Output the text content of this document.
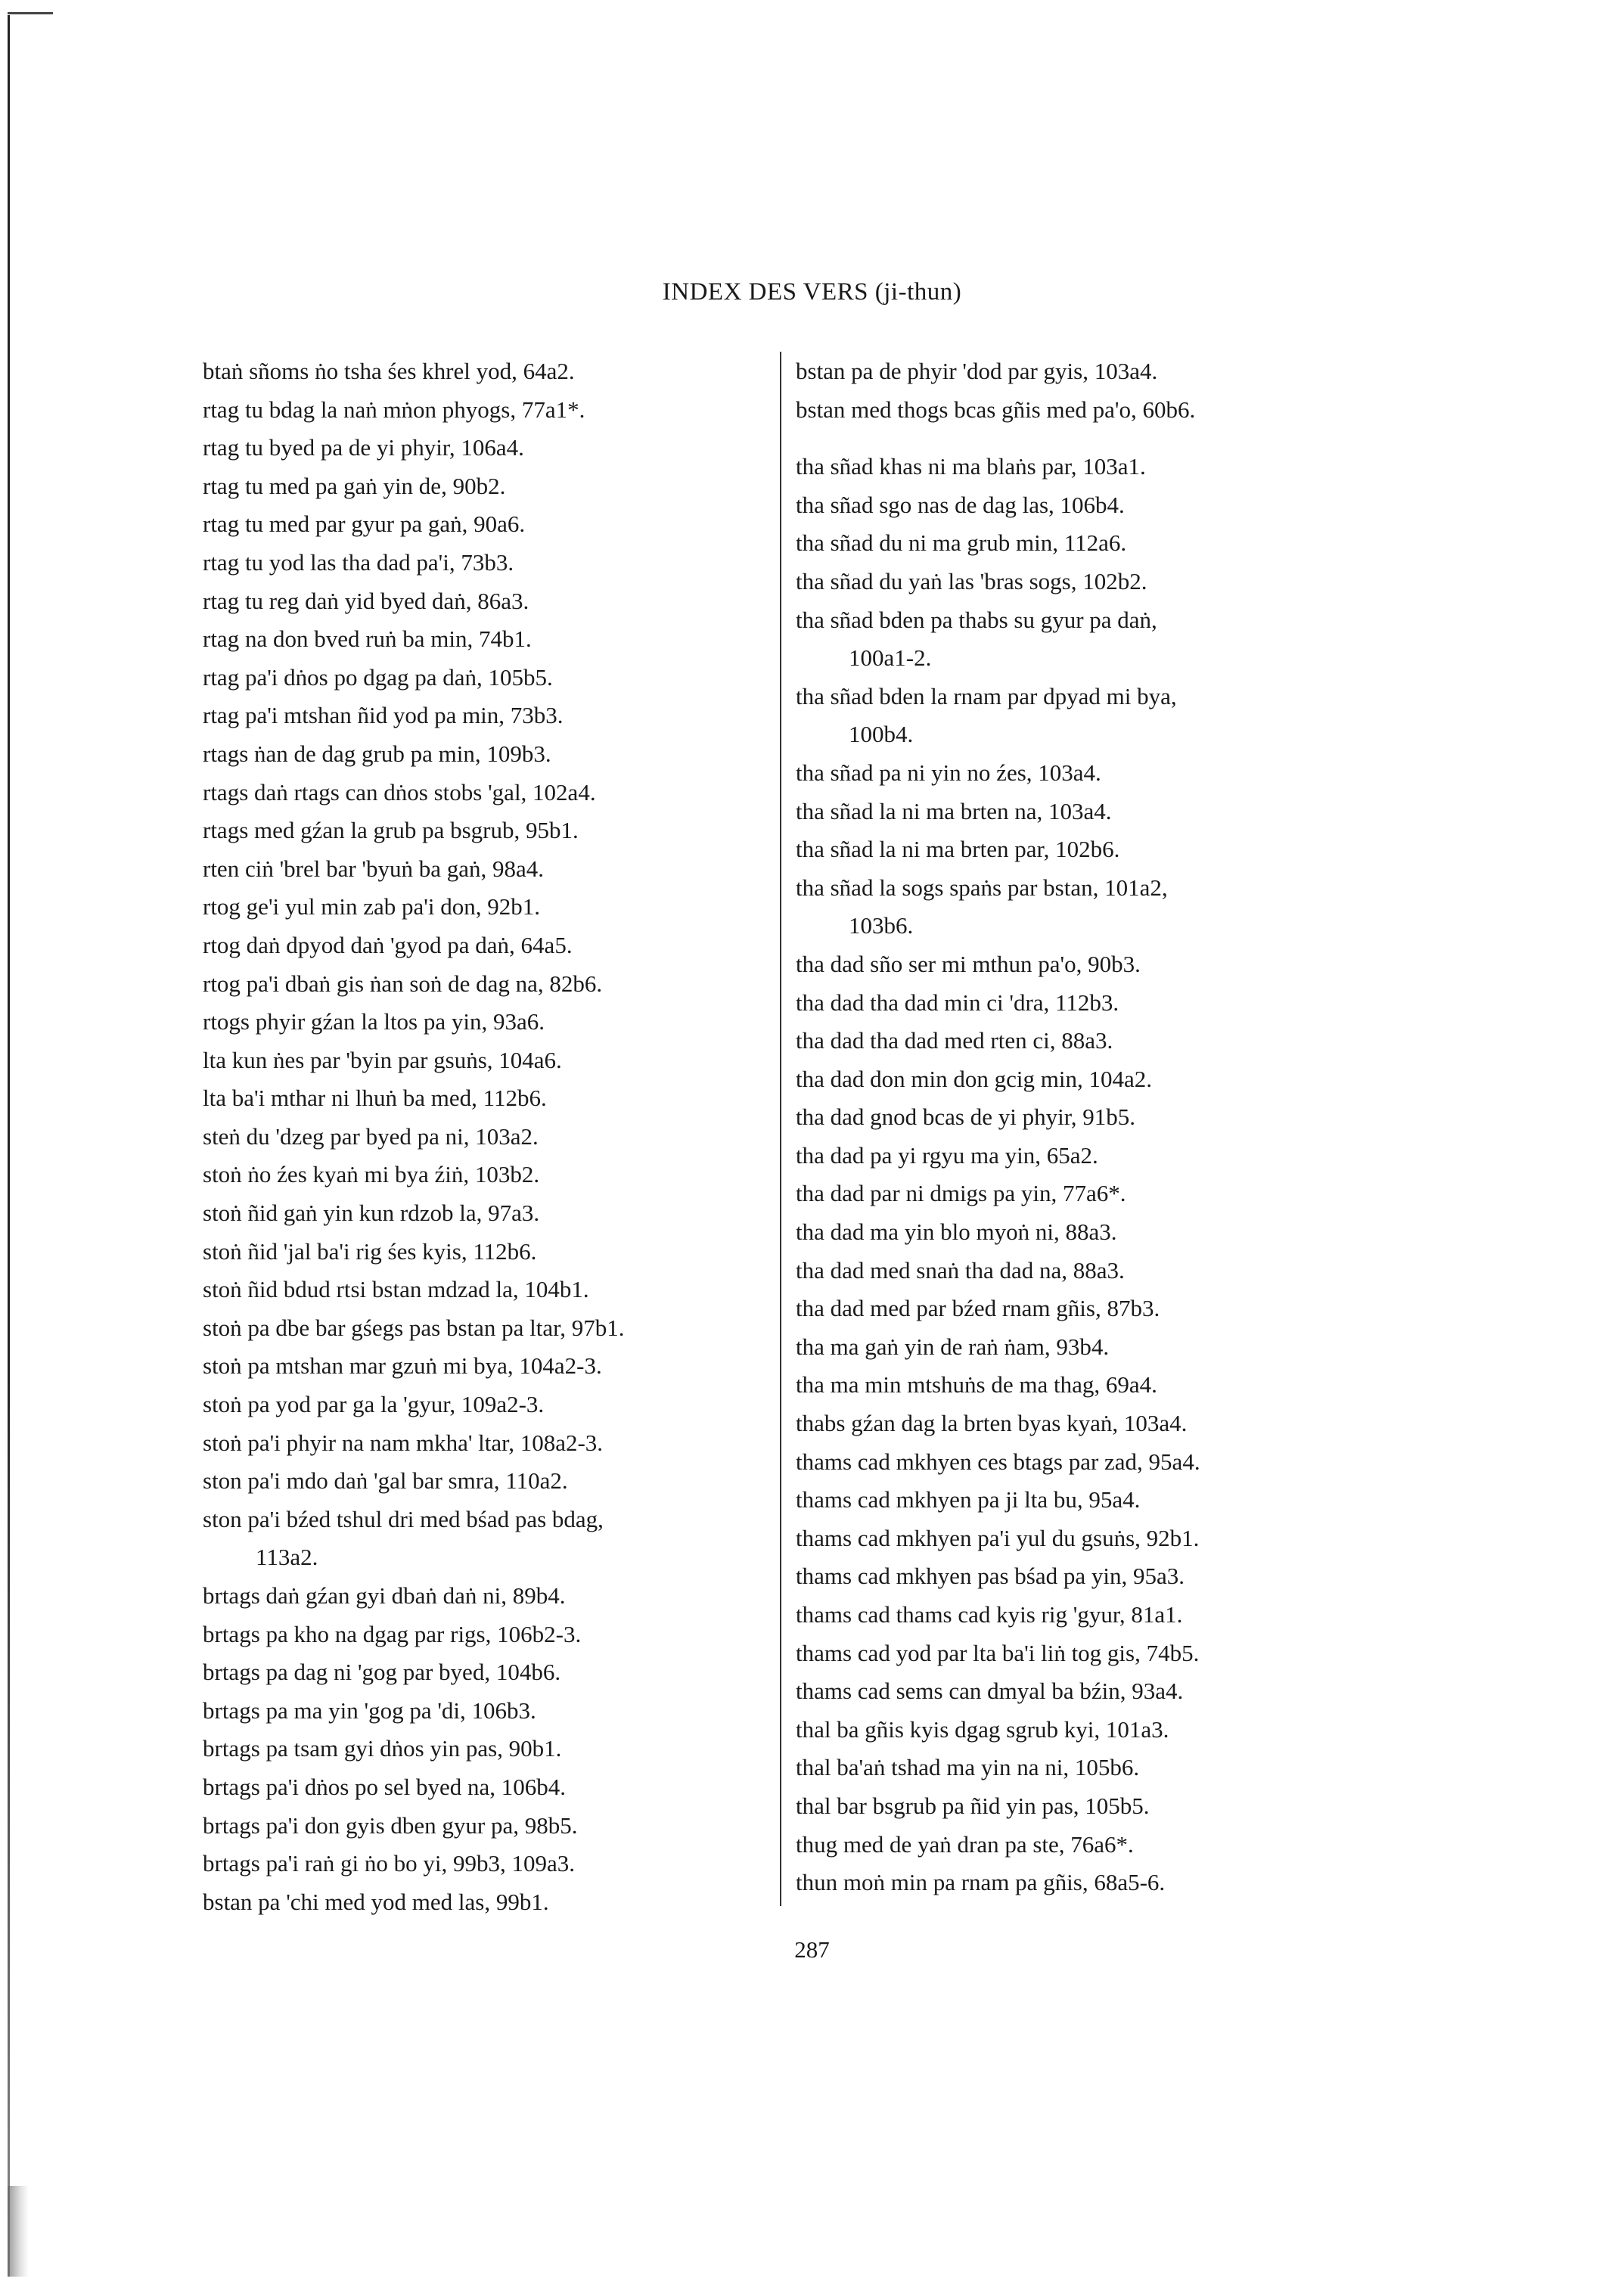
INDEX DES VERS (ji-thun)
btaṅ sñoms ṅo tsha śes khrel yod, 64a2.
rtag tu bdag la naṅ mṅon phyogs, 77a1*.
rtag tu byed pa de yi phyir, 106a4.
rtag tu med pa gaṅ yin de, 90b2.
rtag tu med par gyur pa gaṅ, 90a6.
rtag tu yod las tha dad pa'i, 73b3.
rtag tu reg daṅ yid byed daṅ, 86a3.
rtag na don bved ruṅ ba min, 74b1.
rtag pa'i dṅos po dgag pa daṅ, 105b5.
rtag pa'i mtshan ñid yod pa min, 73b3.
rtags ṅan de dag grub pa min, 109b3.
rtags daṅ rtags can dṅos stobs 'gal, 102a4.
rtags med gźan la grub pa bsgrub, 95b1.
rten ciṅ 'brel bar 'byuṅ ba gaṅ, 98a4.
rtog ge'i yul min zab pa'i don, 92b1.
rtog daṅ dpyod daṅ 'gyod pa daṅ, 64a5.
rtog pa'i dbaṅ gis ṅan soṅ de dag na, 82b6.
rtogs phyir gźan la ltos pa yin, 93a6.
lta kun ṅes par 'byin par gsuṅs, 104a6.
lta ba'i mthar ni lhuṅ ba med, 112b6.
steṅ du 'dzeg par byed pa ni, 103a2.
stoṅ ṅo źes kyaṅ mi bya źiṅ, 103b2.
stoṅ ñid gaṅ yin kun rdzob la, 97a3.
stoṅ ñid 'jal ba'i rig śes kyis, 112b6.
stoṅ ñid bdud rtsi bstan mdzad la, 104b1.
stoṅ pa dbe bar gśegs pas bstan pa ltar, 97b1.
stoṅ pa mtshan mar gzuṅ mi bya, 104a2-3.
stoṅ pa yod par ga la 'gyur, 109a2-3.
stoṅ pa'i phyir na nam mkha' ltar, 108a2-3.
ston pa'i mdo daṅ 'gal bar smra, 110a2.
ston pa'i bźed tshul dri med bśad pas bdag,
113a2.
brtags daṅ gźan gyi dbaṅ daṅ ni, 89b4.
brtags pa kho na dgag par rigs, 106b2-3.
brtags pa dag ni 'gog par byed, 104b6.
brtags pa ma yin 'gog pa 'di, 106b3.
brtags pa tsam gyi dṅos yin pas, 90b1.
brtags pa'i dṅos po sel byed na, 106b4.
brtags pa'i don gyis dben gyur pa, 98b5.
brtags pa'i raṅ gi ṅo bo yi, 99b3, 109a3.
bstan pa 'chi med yod med las, 99b1.
bstan pa de phyir 'dod par gyis, 103a4.
bstan med thogs bcas gñis med pa'o, 60b6.
tha sñad khas ni ma blaṅs par, 103a1.
tha sñad sgo nas de dag las, 106b4.
tha sñad du ni ma grub min, 112a6.
tha sñad du yaṅ las 'bras sogs, 102b2.
tha sñad bden pa thabs su gyur pa daṅ,
100a1-2.
tha sñad bden la rnam par dpyad mi bya,
100b4.
tha sñad pa ni yin no źes, 103a4.
tha sñad la ni ma brten na, 103a4.
tha sñad la ni ma brten par, 102b6.
tha sñad la sogs spaṅs par bstan, 101a2,
103b6.
tha dad sño ser mi mthun pa'o, 90b3.
tha dad tha dad min ci 'dra, 112b3.
tha dad tha dad med rten ci, 88a3.
tha dad don min don gcig min, 104a2.
tha dad gnod bcas de yi phyir, 91b5.
tha dad pa yi rgyu ma yin, 65a2.
tha dad par ni dmigs pa yin, 77a6*.
tha dad ma yin blo myoṅ ni, 88a3.
tha dad med snaṅ tha dad na, 88a3.
tha dad med par bźed rnam gñis, 87b3.
tha ma gaṅ yin de raṅ ṅam, 93b4.
tha ma min mtshuṅs de ma thag, 69a4.
thabs gźan dag la brten byas kyaṅ, 103a4.
thams cad mkhyen ces btags par zad, 95a4.
thams cad mkhyen pa ji lta bu, 95a4.
thams cad mkhyen pa'i yul du gsuṅs, 92b1.
thams cad mkhyen pas bśad pa yin, 95a3.
thams cad thams cad kyis rig 'gyur, 81a1.
thams cad yod par lta ba'i liṅ tog gis, 74b5.
thams cad sems can dmyal ba bźin, 93a4.
thal ba gñis kyis dgag sgrub kyi, 101a3.
thal ba'aṅ tshad ma yin na ni, 105b6.
thal bar bsgrub pa ñid yin pas, 105b5.
thug med de yaṅ dran pa ste, 76a6*.
thun moṅ min pa rnam pa gñis, 68a5-6.
287
